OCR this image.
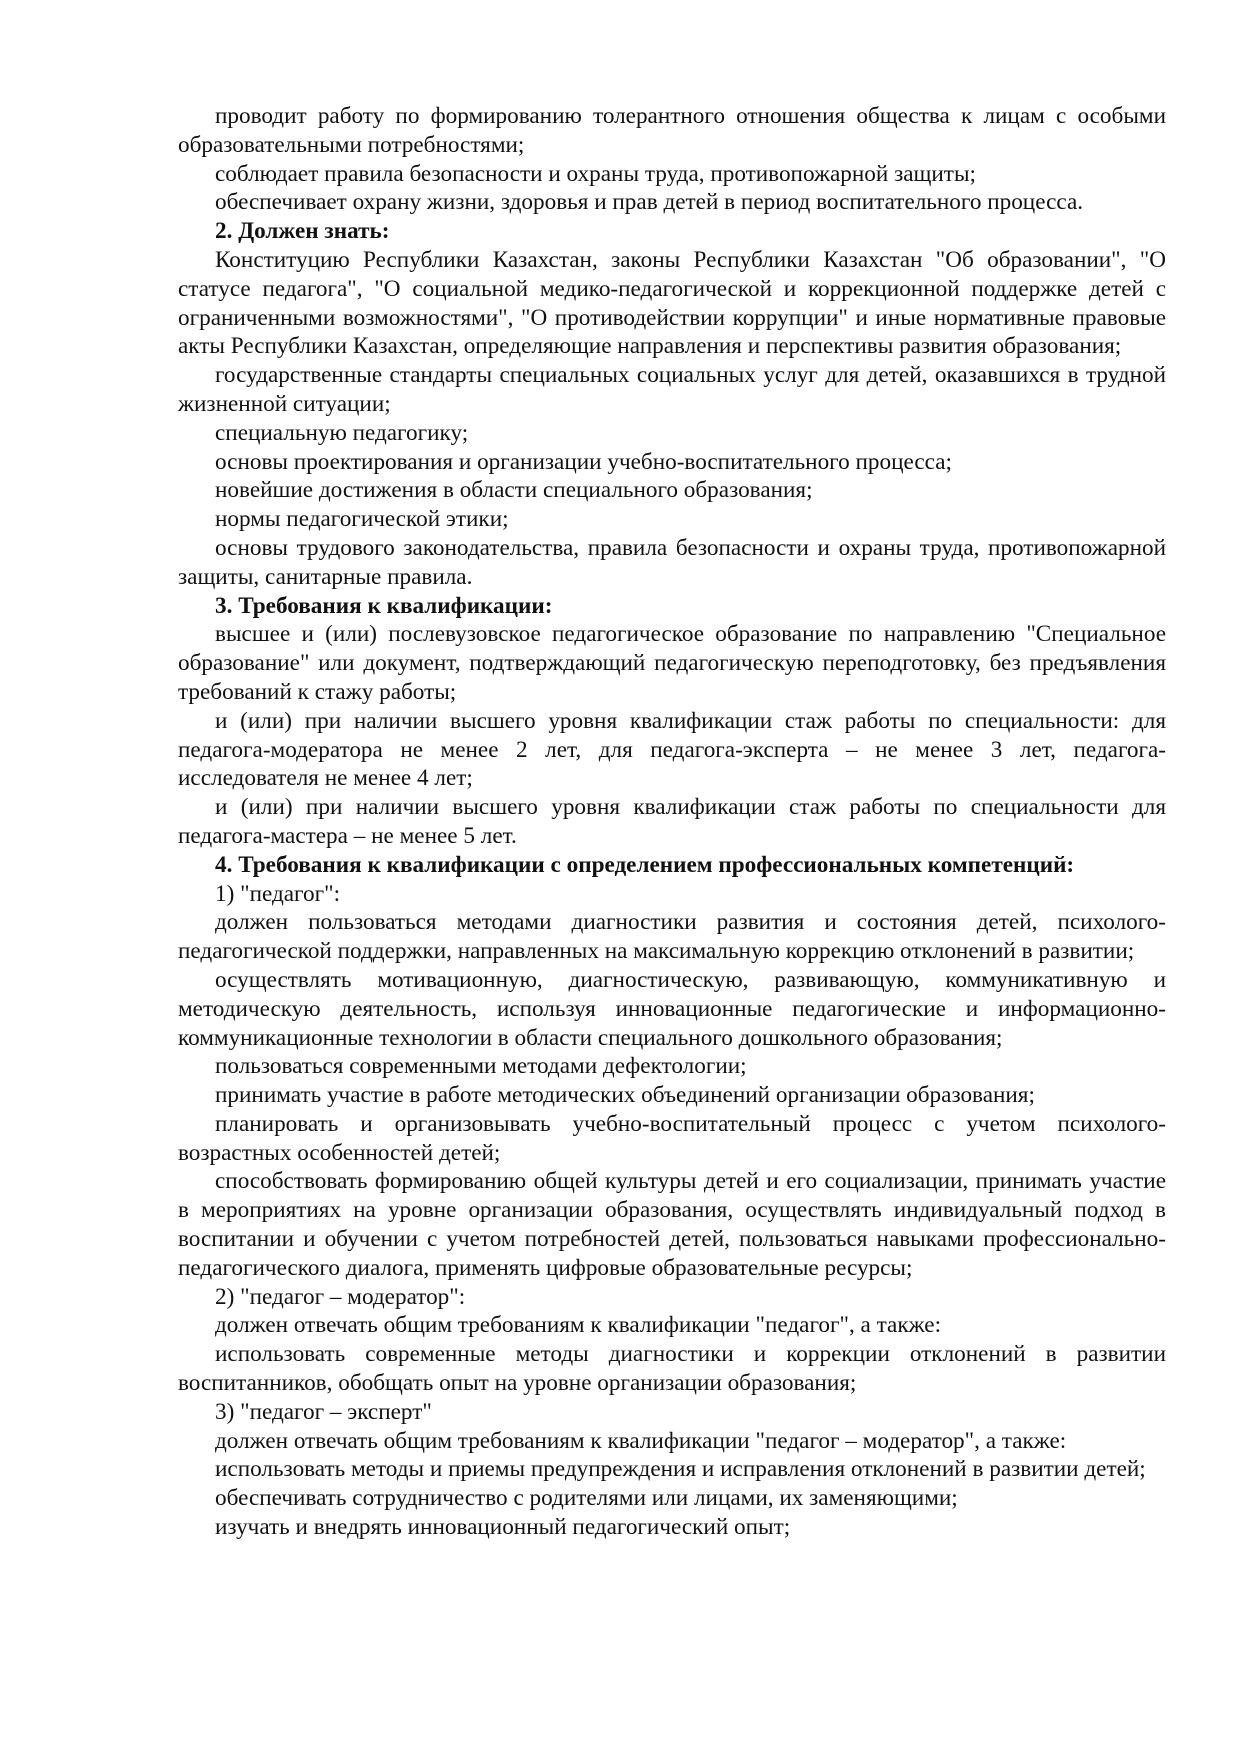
проводит работу по формированию толерантного отношения общества к лицам с особыми образовательными потребностями;

соблюдает правила безопасности и охраны труда, противопожарной защиты;

обеспечивает охрану жизни, здоровья и прав детей в период воспитательного процесса.

2. Должен знать:

Конституцию Республики Казахстан, законы Республики Казахстан "Об образовании", "О статусе педагога", "О социальной медико-педагогической и коррекционной поддержке детей с ограниченными возможностями", "О противодействии коррупции" и иные нормативные правовые акты Республики Казахстан, определяющие направления и перспективы развития образования;

государственные стандарты специальных социальных услуг для детей, оказавшихся в трудной жизненной ситуации;

специальную педагогику;

основы проектирования и организации учебно-воспитательного процесса;

новейшие достижения в области специального образования;

нормы педагогической этики;

основы трудового законодательства, правила безопасности и охраны труда, противопожарной защиты, санитарные правила.

3. Требования к квалификации:

высшее и (или) послевузовское педагогическое образование по направлению "Специальное образование" или документ, подтверждающий педагогическую переподготовку, без предъявления требований к стажу работы;

и (или) при наличии высшего уровня квалификации стаж работы по специальности: для педагога-модератора не менее 2 лет, для педагога-эксперта – не менее 3 лет, педагога-исследователя не менее 4 лет;

и (или) при наличии высшего уровня квалификации стаж работы по специальности для педагога-мастера – не менее 5 лет.

4. Требования к квалификации с определением профессиональных компетенций:

1) "педагог":

должен пользоваться методами диагностики развития и состояния детей, психолого-педагогической поддержки, направленных на максимальную коррекцию отклонений в развитии;

осуществлять мотивационную, диагностическую, развивающую, коммуникативную и методическую деятельность, используя инновационные педагогические и информационно-коммуникационные технологии в области специального дошкольного образования;

пользоваться современными методами дефектологии;

принимать участие в работе методических объединений организации образования;

планировать и организовывать учебно-воспитательный процесс с учетом психолого-возрастных особенностей детей;

способствовать формированию общей культуры детей и его социализации, принимать участие в мероприятиях на уровне организации образования, осуществлять индивидуальный подход в воспитании и обучении с учетом потребностей детей, пользоваться навыками профессионально-педагогического диалога, применять цифровые образовательные ресурсы;

2) "педагог – модератор":

должен отвечать общим требованиям к квалификации "педагог", а также:

использовать современные методы диагностики и коррекции отклонений в развитии воспитанников, обобщать опыт на уровне организации образования;

3) "педагог – эксперт"

должен отвечать общим требованиям к квалификации "педагог – модератор", а также:

использовать методы и приемы предупреждения и исправления отклонений в развитии детей;

обеспечивать сотрудничество с родителями или лицами, их заменяющими;

изучать и внедрять инновационный педагогический опыт;
